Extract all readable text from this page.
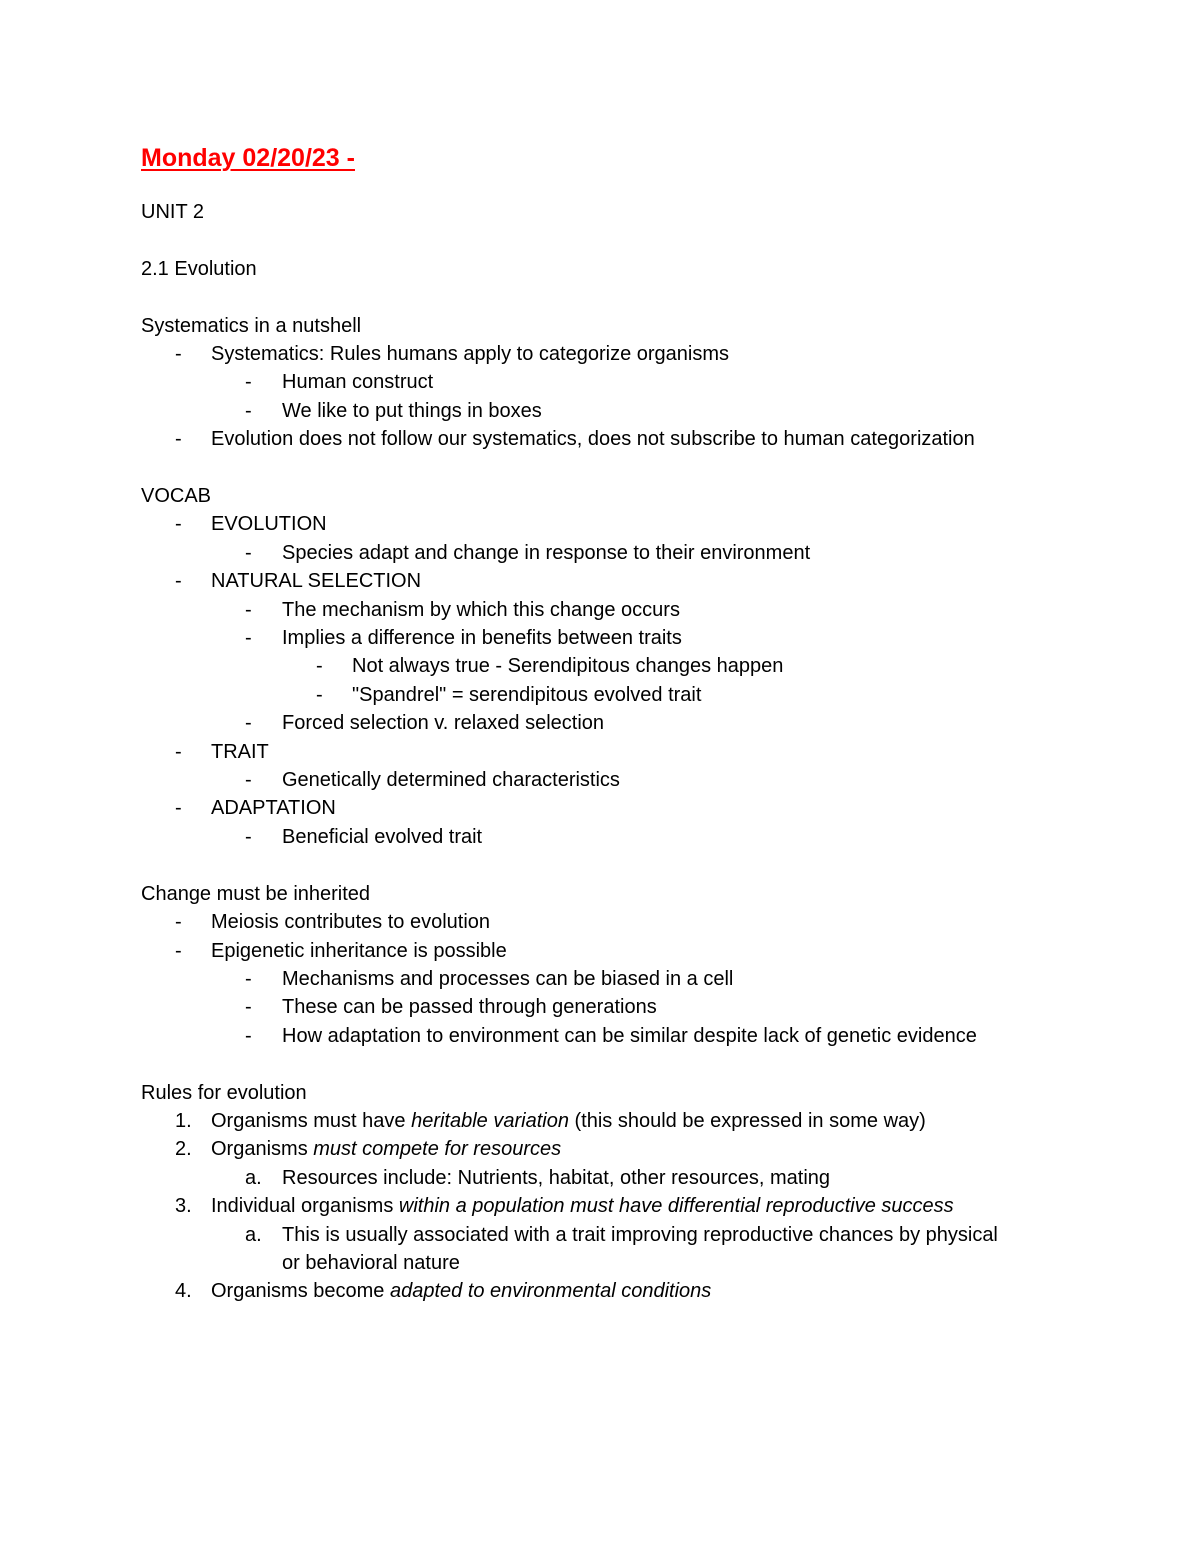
Monday 02/20/23 -

UNIT 2

2.1 Evolution

Systematics in a nutshell

- Systematics: Rules humans apply to categorize organisms
- Human construct
- We like to put things in boxes
- Evolution does not follow our systematics, does not subscribe to human categorization

VOCAB

- EVOLUTION
- Species adapt and change in response to their environment
- NATURAL SELECTION
- The mechanism by which this change occurs
- Implies a difference in benefits between traits
- Not always true - Serendipitous changes happen
- "Spandrel" = serendipitous evolved trait
- Forced selection v. relaxed selection
- TRAIT
- Genetically determined characteristics
- ADAPTATION
- Beneficial evolved trait

Change must be inherited

- Meiosis contributes to evolution
- Epigenetic inheritance is possible
- Mechanisms and processes can be biased in a cell
- These can be passed through generations
- How adaptation to environment can be similar despite lack of genetic evidence

Rules for evolution

1. Organisms must have heritable variation (this should be expressed in some way)
2. Organisms must compete for resources
a. Resources include: Nutrients, habitat, other resources, mating
3. Individual organisms within a population must have differential reproductive success
a. This is usually associated with a trait improving reproductive chances by physical
or behavioral nature
4. Organisms become adapted to environmental conditions
